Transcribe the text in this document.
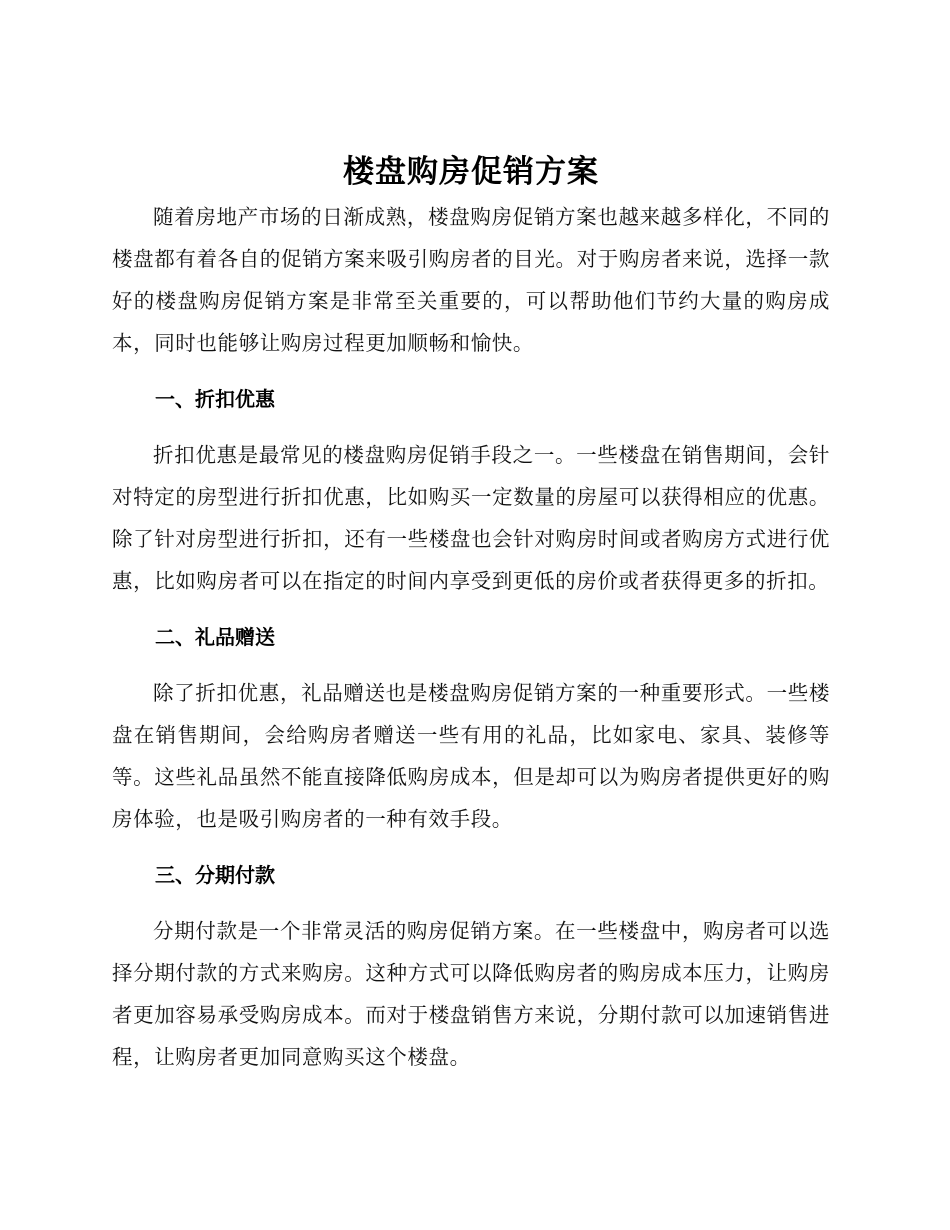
楼盘购房促销方案

随着房地产市场的日渐成熟，楼盘购房促销方案也越来越多样化，不同的楼盘都有着各自的促销方案来吸引购房者的目光。对于购房者来说，选择一款好的楼盘购房促销方案是非常至关重要的，可以帮助他们节约大量的购房成本，同时也能够让购房过程更加顺畅和愉快。

一、折扣优惠

折扣优惠是最常见的楼盘购房促销手段之一。一些楼盘在销售期间，会针对特定的房型进行折扣优惠，比如购买一定数量的房屋可以获得相应的优惠。除了针对房型进行折扣，还有一些楼盘也会针对购房时间或者购房方式进行优惠，比如购房者可以在指定的时间内享受到更低的房价或者获得更多的折扣。

二、礼品赠送

除了折扣优惠，礼品赠送也是楼盘购房促销方案的一种重要形式。一些楼盘在销售期间，会给购房者赠送一些有用的礼品，比如家电、家具、装修等等。这些礼品虽然不能直接降低购房成本，但是却可以为购房者提供更好的购房体验，也是吸引购房者的一种有效手段。

三、分期付款

分期付款是一个非常灵活的购房促销方案。在一些楼盘中，购房者可以选择分期付款的方式来购房。这种方式可以降低购房者的购房成本压力，让购房者更加容易承受购房成本。而对于楼盘销售方来说，分期付款可以加速销售进程，让购房者更加同意购买这个楼盘。
